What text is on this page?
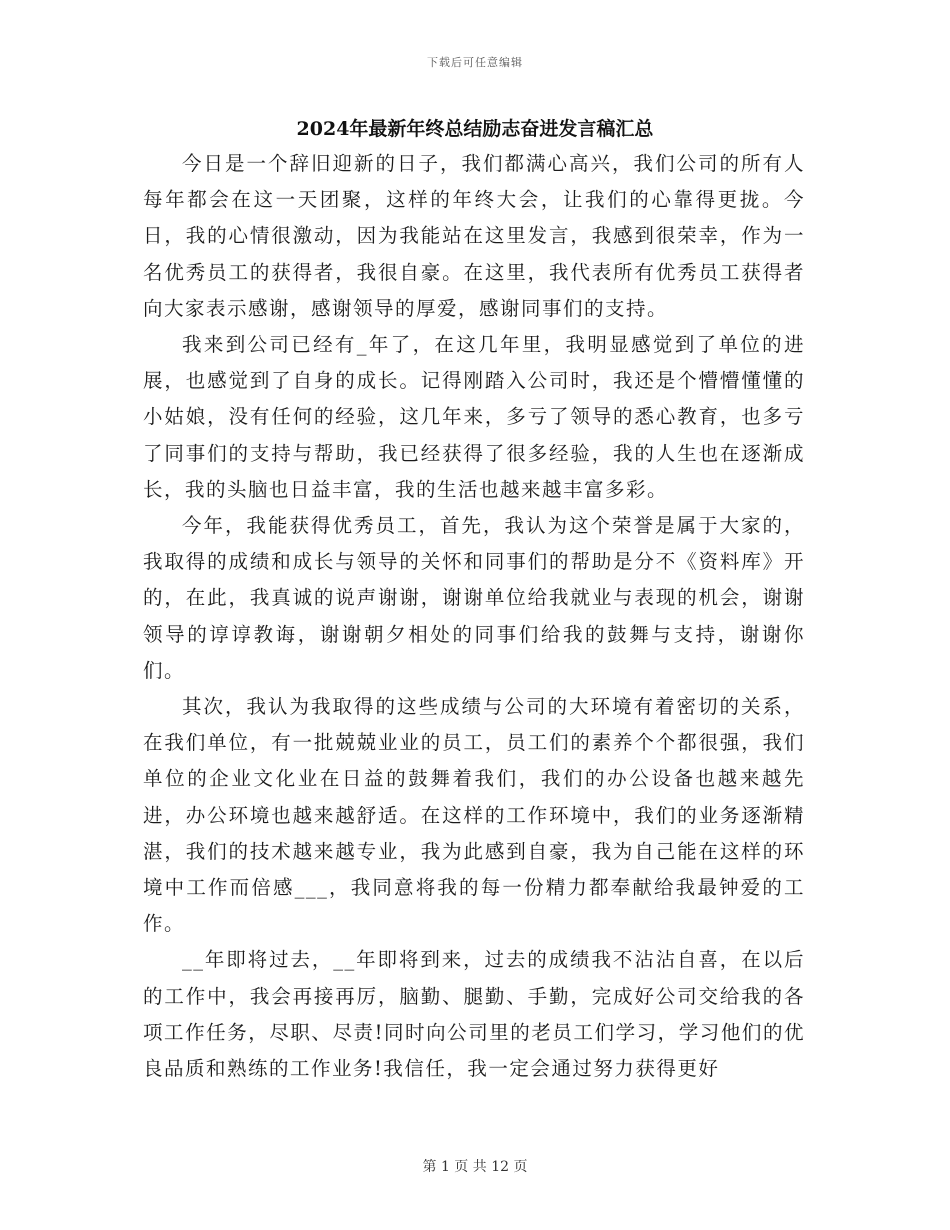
下载后可任意编辑
2024年最新年终总结励志奋进发言稿汇总

今日是一个辞旧迎新的日子，我们都满心高兴，我们公司的所有人每年都会在这一天团聚，这样的年终大会，让我们的心靠得更拢。今日，我的心情很激动，因为我能站在这里发言，我感到很荣幸，作为一名优秀员工的获得者，我很自豪。在这里，我代表所有优秀员工获得者向大家表示感谢，感谢领导的厚爱，感谢同事们的支持。

我来到公司已经有_年了，在这几年里，我明显感觉到了单位的进展，也感觉到了自身的成长。记得刚踏入公司时，我还是个懵懵懂懂的小姑娘，没有任何的经验，这几年来，多亏了领导的悉心教育，也多亏了同事们的支持与帮助，我已经获得了很多经验，我的人生也在逐渐成长，我的头脑也日益丰富，我的生活也越来越丰富多彩。

今年，我能获得优秀员工，首先，我认为这个荣誉是属于大家的，我取得的成绩和成长与领导的关怀和同事们的帮助是分不《资料库》开的，在此，我真诚的说声谢谢，谢谢单位给我就业与表现的机会，谢谢领导的谆谆教诲，谢谢朝夕相处的同事们给我的鼓舞与支持，谢谢你们。

其次，我认为我取得的这些成绩与公司的大环境有着密切的关系，在我们单位，有一批兢兢业业的员工，员工们的素养个个都很强，我们单位的企业文化业在日益的鼓舞着我们，我们的办公设备也越来越先进，办公环境也越来越舒适。在这样的工作环境中，我们的业务逐渐精湛，我们的技术越来越专业，我为此感到自豪，我为自己能在这样的环境中工作而倍感___，我同意将我的每一份精力都奉献给我最钟爱的工作。

__年即将过去，__年即将到来，过去的成绩我不沾沾自喜，在以后的工作中，我会再接再厉，脑勤、腿勤、手勤，完成好公司交给我的各项工作任务，尽职、尽责!同时向公司里的老员工们学习，学习他们的优良品质和熟练的工作业务!我信任，我一定会通过努力获得更好

第 1 页 共 12 页
